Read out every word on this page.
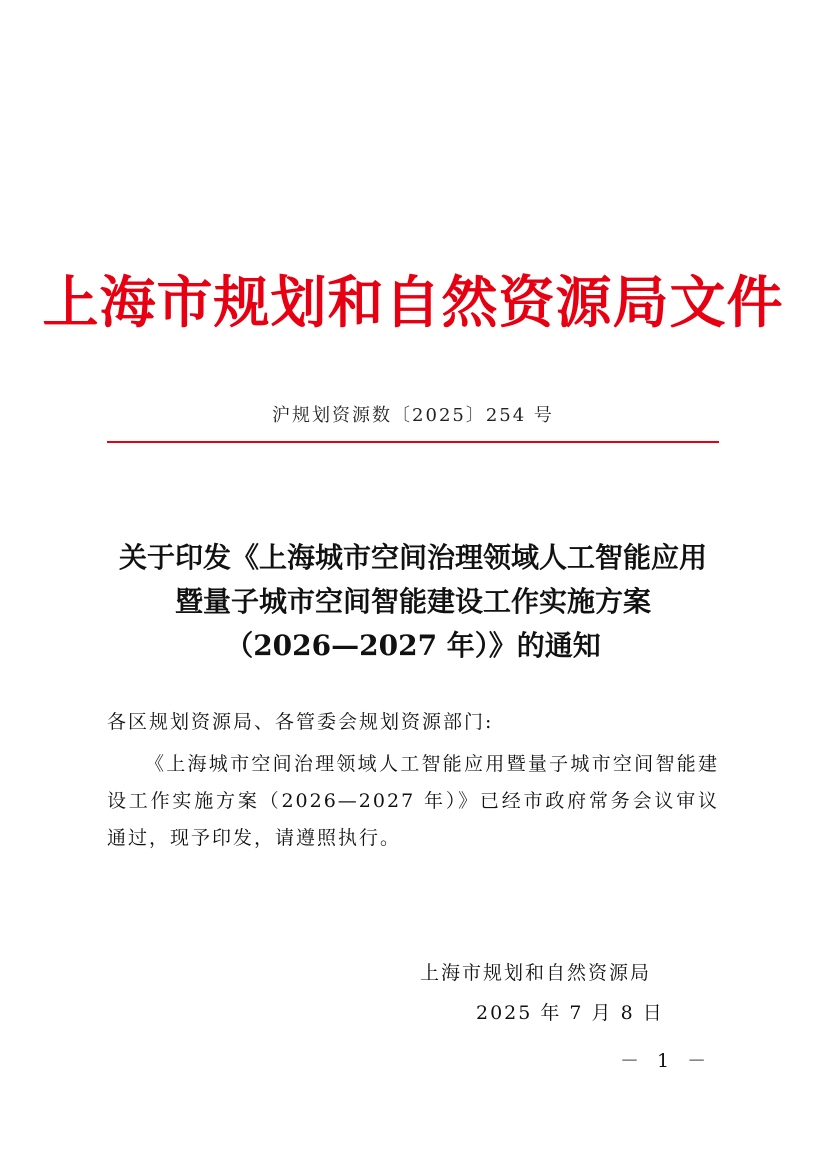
上海市规划和自然资源局文件
沪规划资源数〔2025〕254 号
关于印发《上海城市空间治理领域人工智能应用
暨量子城市空间智能建设工作实施方案
（2026—2027 年）》的通知
各区规划资源局、各管委会规划资源部门:
《上海城市空间治理领域人工智能应用暨量子城市空间智能建设工作实施方案（2026—2027 年）》已经市政府常务会议审议通过，现予印发，请遵照执行。
上海市规划和自然资源局
2025 年 7 月 8 日
－ 1 －
